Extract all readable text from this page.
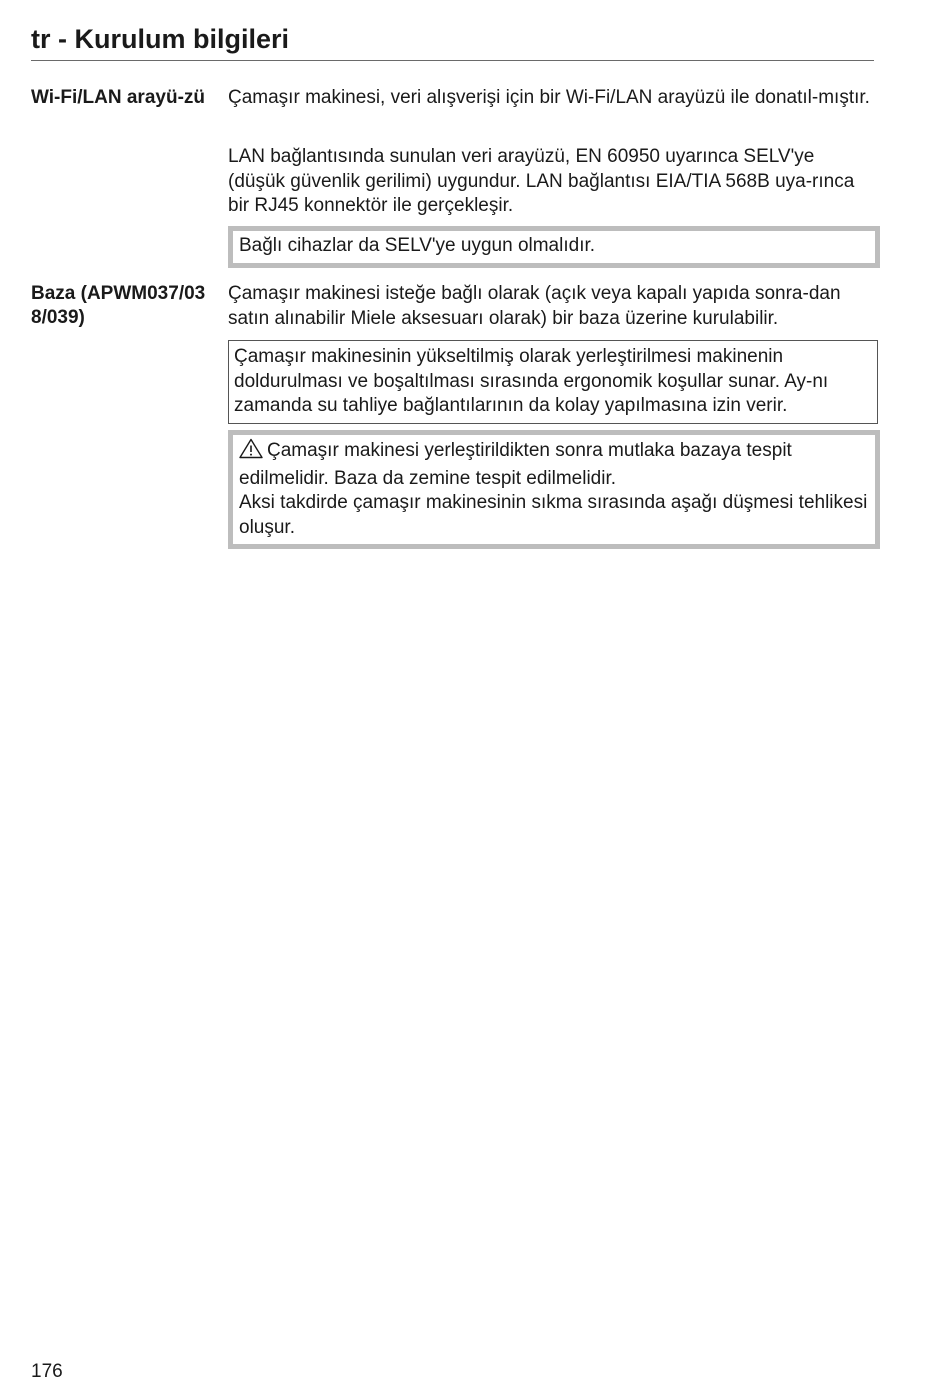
tr - Kurulum bilgileri
Wi-Fi/LAN arayü-zü	Çamaşır makinesi, veri alışverişi için bir Wi-Fi/LAN arayüzü ile donatıl-mıştır.

LAN bağlantısında sunulan veri arayüzü, EN 60950 uyarınca SELV'ye (düşük güvenlik gerilimi) uygundur. LAN bağlantısı EIA/TIA 568B uya-rınca bir RJ45 konnektör ile gerçekleşir.

Bağlı cihazlar da SELV'ye uygun olmalıdır.
Baza (APWM037/038/039)

Çamaşır makinesi isteğe bağlı olarak (açık veya kapalı yapıda sonra-dan satın alınabilir Miele aksesuarı olarak) bir baza üzerine kurulabilir.

Çamaşır makinesinin yükseltilmiş olarak yerleştirilmesi makinenin doldurulması ve boşaltılması sırasında ergonomik koşullar sunar. Ay-nı zamanda su tahliye bağlantılarının da kolay yapılmasına izin verir.
Çamaşır makinesi yerleştirildikten sonra mutlaka bazaya tespit edilmelidir. Baza da zemine tespit edilmelidir.
Aksi takdirde çamaşır makinesinin sıkma sırasında aşağı düşmesi tehlikesi oluşur.
176
